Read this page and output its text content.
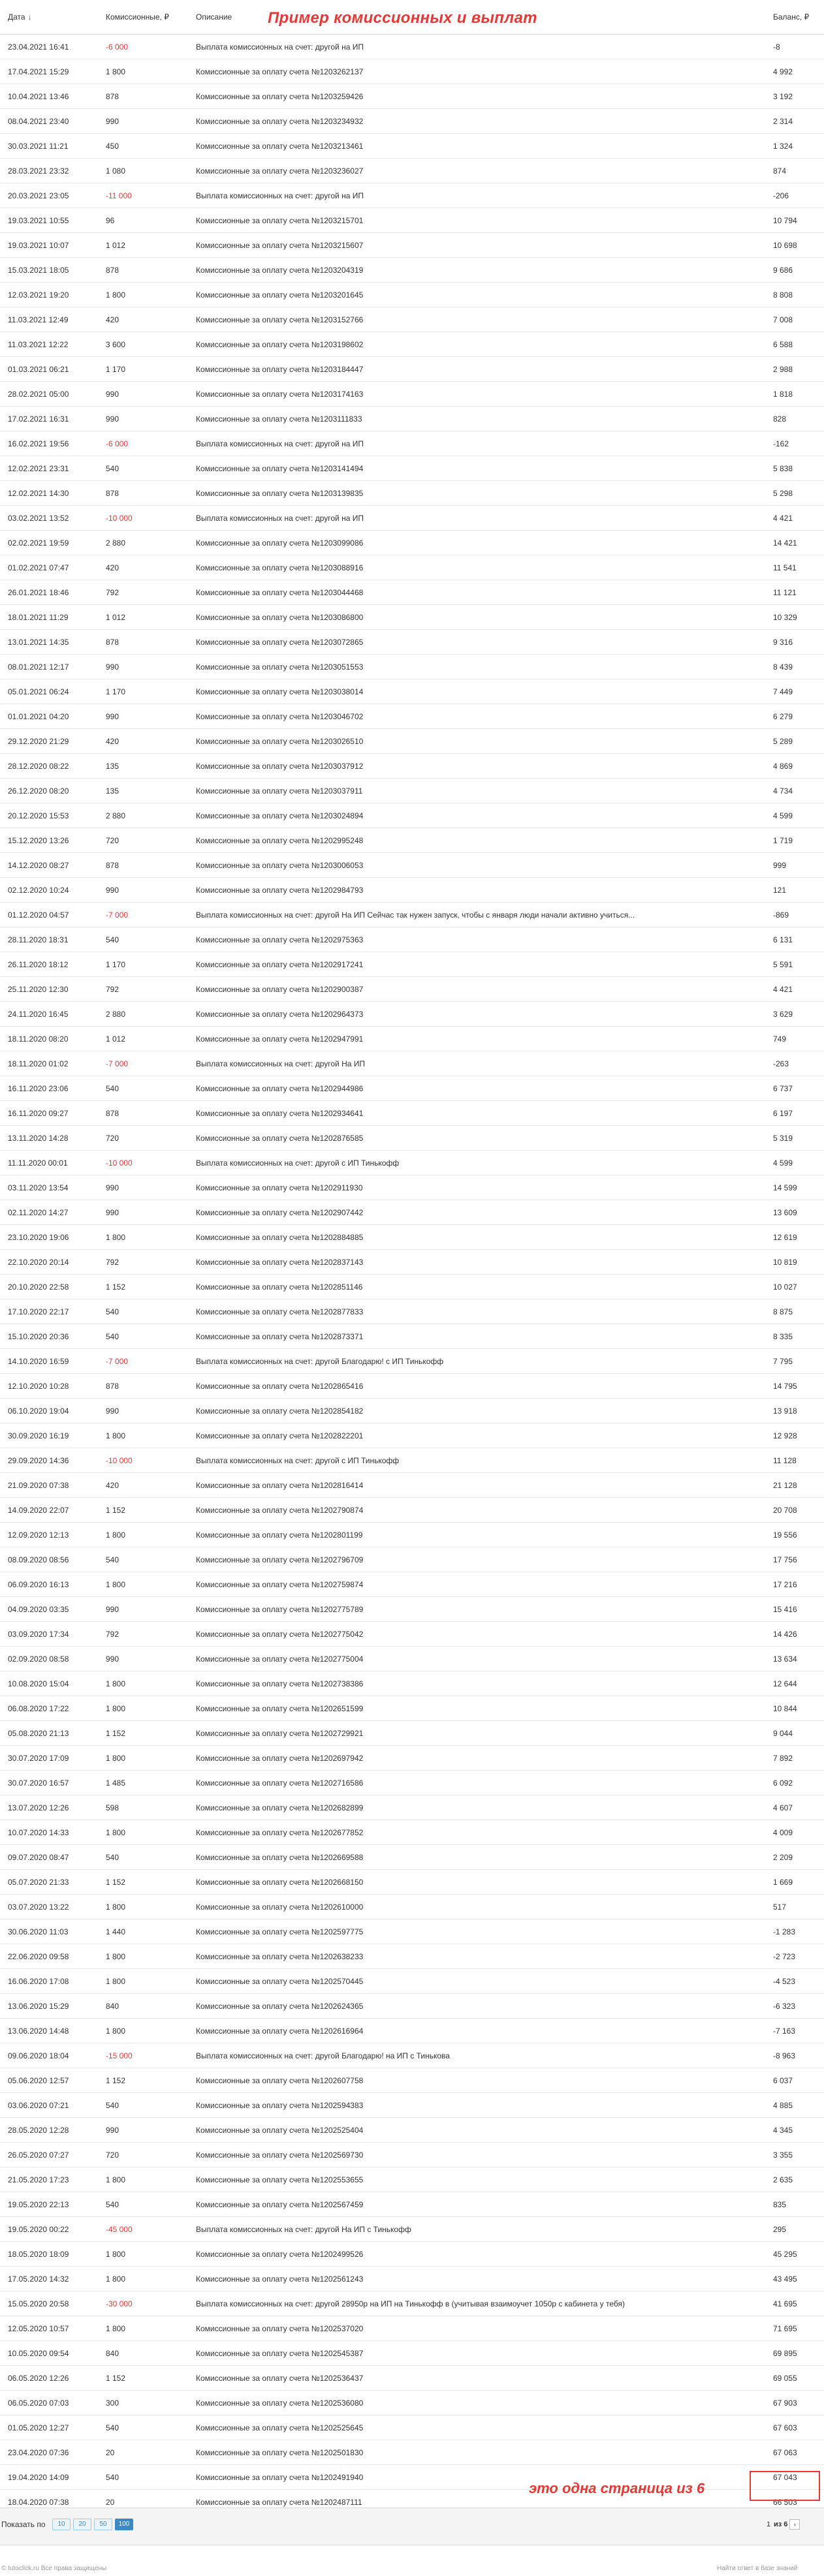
Дата ↓	Комиссионные, ₽	Описание	Баланс, ₽
23.04.2021 16:41	-6 000	Выплата комиссионных на счет: другой на ИП	-8
17.04.2021 15:29	1 800	Комиссионные за оплату счета №1203262137	4 992
10.04.2021 13:46	878	Комиссионные за оплату счета №1203259426	3 192
08.04.2021 23:40	990	Комиссионные за оплату счета №1203234932	2 314
30.03.2021 11:21	450	Комиссионные за оплату счета №1203213461	1 324
28.03.2021 23:32	1 080	Комиссионные за оплату счета №1203236027	874
20.03.2021 23:05	-11 000	Выплата комиссионных на счет: другой на ИП	-206
19.03.2021 10:55	96	Комиссионные за оплату счета №1203215701	10 794
19.03.2021 10:07	1 012	Комиссионные за оплату счета №1203215607	10 698
15.03.2021 18:05	878	Комиссионные за оплату счета №1203204319	9 686
12.03.2021 19:20	1 800	Комиссионные за оплату счета №1203201645	8 808
11.03.2021 12:49	420	Комиссионные за оплату счета №1203152766	7 008
11.03.2021 12:22	3 600	Комиссионные за оплату счета №1203198602	6 588
01.03.2021 06:21	1 170	Комиссионные за оплату счета №1203184447	2 988
28.02.2021 05:00	990	Комиссионные за оплату счета №1203174163	1 818
17.02.2021 16:31	990	Комиссионные за оплату счета №1203111833	828
16.02.2021 19:56	-6 000	Выплата комиссионных на счет: другой на ИП	-162
12.02.2021 23:31	540	Комиссионные за оплату счета №1203141494	5 838
12.02.2021 14:30	878	Комиссионные за оплату счета №1203139835	5 298
03.02.2021 13:52	-10 000	Выплата комиссионных на счет: другой на ИП	4 421
02.02.2021 19:59	2 880	Комиссионные за оплату счета №1203099086	14 421
01.02.2021 07:47	420	Комиссионные за оплату счета №1203088916	11 541
26.01.2021 18:46	792	Комиссионные за оплату счета №1203044468	11 121
18.01.2021 11:29	1 012	Комиссионные за оплату счета №1203086800	10 329
13.01.2021 14:35	878	Комиссионные за оплату счета №1203072865	9 316
08.01.2021 12:17	990	Комиссионные за оплату счета №1203051553	8 439
05.01.2021 06:24	1 170	Комиссионные за оплату счета №1203038014	7 449
01.01.2021 04:20	990	Комиссионные за оплату счета №1203046702	6 279
29.12.2020 21:29	420	Комиссионные за оплату счета №1203026510	5 289
28.12.2020 08:22	135	Комиссионные за оплату счета №1203037912	4 869
26.12.2020 08:20	135	Комиссионные за оплату счета №1203037911	4 734
20.12.2020 15:53	2 880	Комиссионные за оплату счета №1203024894	4 599
15.12.2020 13:26	720	Комиссионные за оплату счета №1202995248	1 719
14.12.2020 08:27	878	Комиссионные за оплату счета №1203006053	999
02.12.2020 10:24	990	Комиссионные за оплату счета №1202984793	121
01.12.2020 04:57	-7 000	Выплата комиссионных на счет: другой На ИП Сейчас так нужен запуск, чтобы с января люди начали активно учиться...	-869
28.11.2020 18:31	540	Комиссионные за оплату счета №1202975363	6 131
26.11.2020 18:12	1 170	Комиссионные за оплату счета №1202917241	5 591
25.11.2020 12:30	792	Комиссионные за оплату счета №1202900387	4 421
24.11.2020 16:45	2 880	Комиссионные за оплату счета №1202964373	3 629
18.11.2020 08:20	1 012	Комиссионные за оплату счета №1202947991	749
18.11.2020 01:02	-7 000	Выплата комиссионных на счет: другой На ИП	-263
16.11.2020 23:06	540	Комиссионные за оплату счета №1202944986	6 737
16.11.2020 09:27	878	Комиссионные за оплату счета №1202934641	6 197
13.11.2020 14:28	720	Комиссионные за оплату счета №1202876585	5 319
11.11.2020 00:01	-10 000	Выплата комиссионных на счет: другой с ИП Тинькофф	4 599
03.11.2020 13:54	990	Комиссионные за оплату счета №1202911930	14 599
02.11.2020 14:27	990	Комиссионные за оплату счета №1202907442	13 609
23.10.2020 19:06	1 800	Комиссионные за оплату счета №1202884885	12 619
22.10.2020 20:14	792	Комиссионные за оплату счета №1202837143	10 819
20.10.2020 22:58	1 152	Комиссионные за оплату счета №1202851146	10 027
17.10.2020 22:17	540	Комиссионные за оплату счета №1202877833	8 875
15.10.2020 20:36	540	Комиссионные за оплату счета №1202873371	8 335
14.10.2020 16:59	-7 000	Выплата комиссионных на счет: другой Благодарю! с ИП Тинькофф	7 795
12.10.2020 10:28	878	Комиссионные за оплату счета №1202865416	14 795
06.10.2020 19:04	990	Комиссионные за оплату счета №1202854182	13 918
30.09.2020 16:19	1 800	Комиссионные за оплату счета №1202822201	12 928
29.09.2020 14:36	-10 000	Выплата комиссионных на счет: другой с ИП Тинькофф	11 128
21.09.2020 07:38	420	Комиссионные за оплату счета №1202816414	21 128
14.09.2020 22:07	1 152	Комиссионные за оплату счета №1202790874	20 708
12.09.2020 12:13	1 800	Комиссионные за оплату счета №1202801199	19 556
08.09.2020 08:56	540	Комиссионные за оплату счета №1202796709	17 756
06.09.2020 16:13	1 800	Комиссионные за оплату счета №1202759874	17 216
04.09.2020 03:35	990	Комиссионные за оплату счета №1202775789	15 416
03.09.2020 17:34	792	Комиссионные за оплату счета №1202775042	14 426
02.09.2020 08:58	990	Комиссионные за оплату счета №1202775004	13 634
10.08.2020 15:04	1 800	Комиссионные за оплату счета №1202738386	12 644
06.08.2020 17:22	1 800	Комиссионные за оплату счета №1202651599	10 844
05.08.2020 21:13	1 152	Комиссионные за оплату счета №1202729921	9 044
30.07.2020 17:09	1 800	Комиссионные за оплату счета №1202697942	7 892
30.07.2020 16:57	1 485	Комиссионные за оплату счета №1202716586	6 092
13.07.2020 12:26	598	Комиссионные за оплату счета №1202682899	4 607
10.07.2020 14:33	1 800	Комиссионные за оплату счета №1202677852	4 009
09.07.2020 08:47	540	Комиссионные за оплату счета №1202669588	2 209
05.07.2020 21:33	1 152	Комиссионные за оплату счета №1202668150	1 669
03.07.2020 13:22	1 800	Комиссионные за оплату счета №1202610000	517
30.06.2020 11:03	1 440	Комиссионные за оплату счета №1202597775	-1 283
22.06.2020 09:58	1 800	Комиссионные за оплату счета №1202638233	-2 723
16.06.2020 17:08	1 800	Комиссионные за оплату счета №1202570445	-4 523
13.06.2020 15:29	840	Комиссионные за оплату счета №1202624365	-6 323
13.06.2020 14:48	1 800	Комиссионные за оплату счета №1202616964	-7 163
09.06.2020 18:04	-15 000	Выплата комиссионных на счет: другой Благодарю! на ИП с Тинькова	-8 963
05.06.2020 12:57	1 152	Комиссионные за оплату счета №1202607758	6 037
03.06.2020 07:21	540	Комиссионные за оплату счета №1202594383	4 885
28.05.2020 12:28	990	Комиссионные за оплату счета №1202525404	4 345
26.05.2020 07:27	720	Комиссионные за оплату счета №1202569730	3 355
21.05.2020 17:23	1 800	Комиссионные за оплату счета №1202553655	2 635
19.05.2020 22:13	540	Комиссионные за оплату счета №1202567459	835
19.05.2020 00:22	-45 000	Выплата комиссионных на счет: другой На ИП с Тинькофф	295
18.05.2020 18:09	1 800	Комиссионные за оплату счета №1202499526	45 295
17.05.2020 14:32	1 800	Комиссионные за оплату счета №1202561243	43 495
15.05.2020 20:58	-30 000	Выплата комиссионных на счет: другой 28950р на ИП на Тинькофф в (учитывая взаимоучет 1050р с кабинета у тебя)	41 695
12.05.2020 10:57	1 800	Комиссионные за оплату счета №1202537020	71 695
10.05.2020 09:54	840	Комиссионные за оплату счета №1202545387	69 895
06.05.2020 12:26	1 152	Комиссионные за оплату счета №1202536437	69 055
06.05.2020 07:03	300	Комиссионные за оплату счета №1202536080	67 903
01.05.2020 12:27	540	Комиссионные за оплату счета №1202525645	67 603
23.04.2020 07:36	20	Комиссионные за оплату счета №1202501830	67 063
19.04.2020 14:09	540	Комиссионные за оплату счета №1202491940	67 043
18.04.2020 07:38	20	Комиссионные за оплату счета №1202487111	66 503
Пример комиссионных и выплат
Показать по	10	20	50	100	1 из 6	›
это одна страница из 6
© tutoclick.ru Все права защищены	Найти ответ в базе знаний
